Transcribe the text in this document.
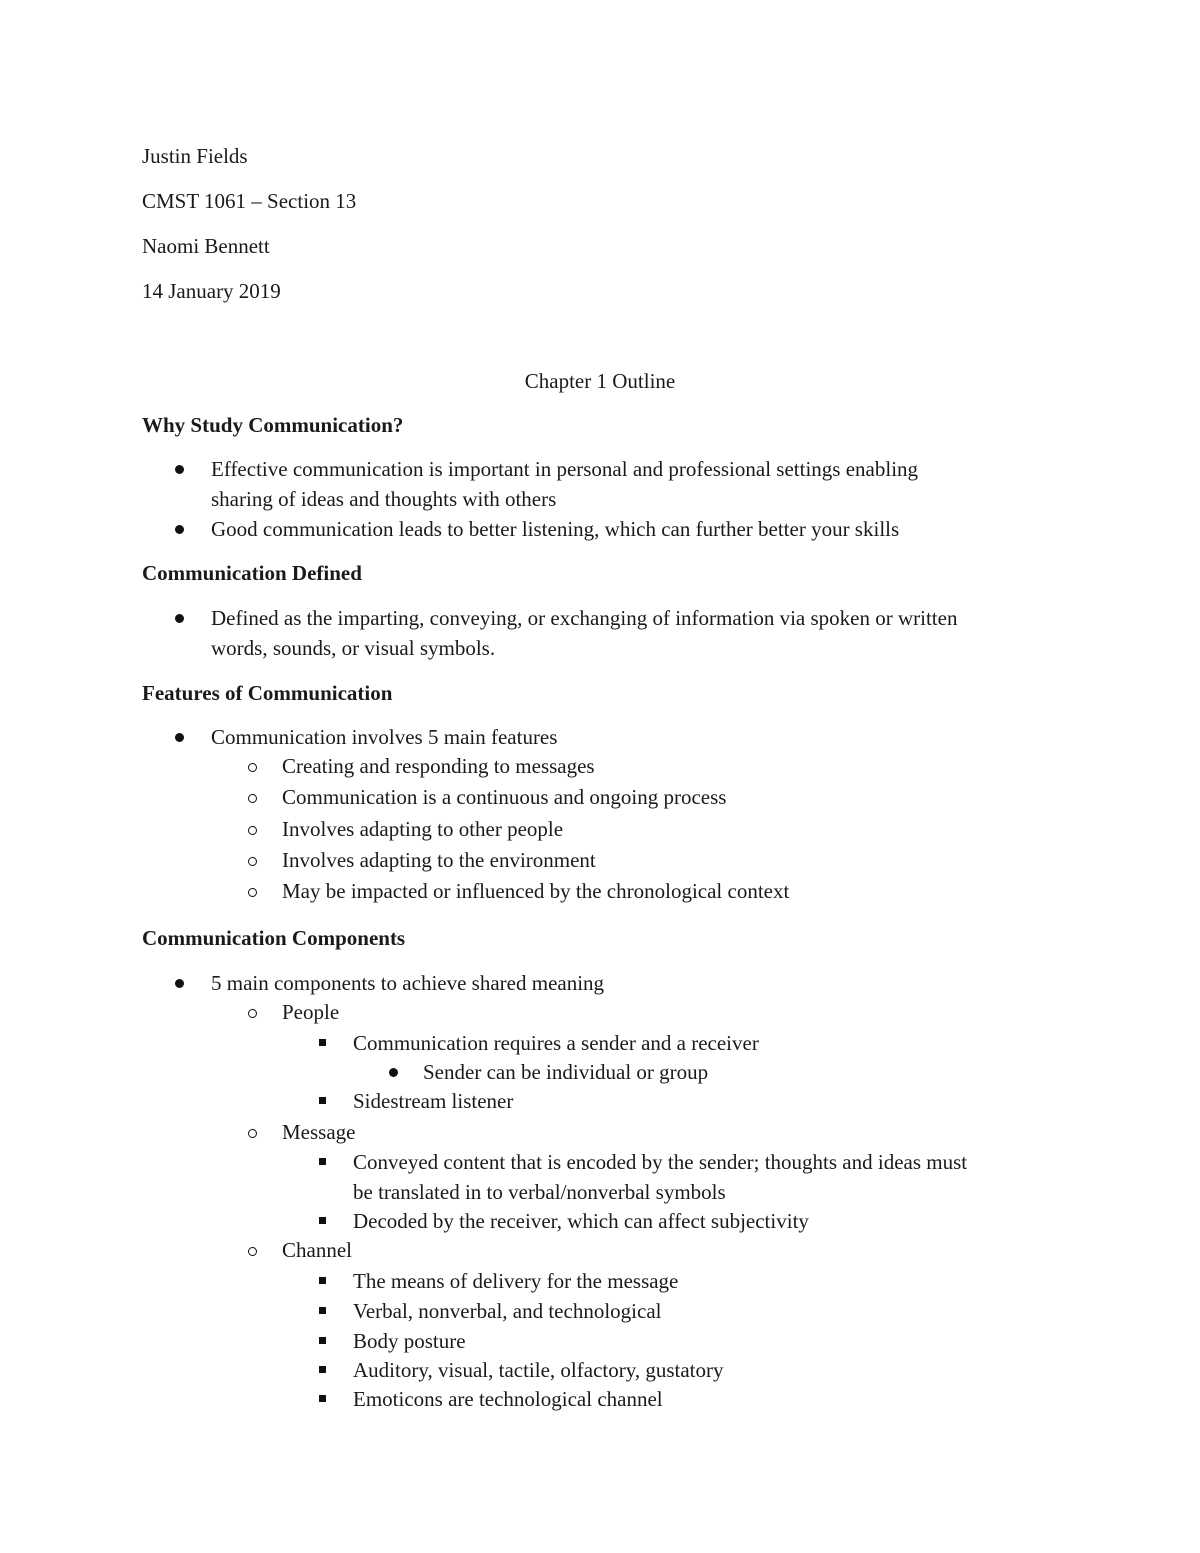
Justin Fields
CMST 1061 – Section 13
Naomi Bennett
14 January 2019
Chapter 1 Outline
Why Study Communication?
Effective communication is important in personal and professional settings enabling
sharing of ideas and thoughts with others
Good communication leads to better listening, which can further better your skills
Communication Defined
Defined as the imparting, conveying, or exchanging of information via spoken or written
words, sounds, or visual symbols.
Features of Communication
Communication involves 5 main features
Creating and responding to messages
Communication is a continuous and ongoing process
Involves adapting to other people
Involves adapting to the environment
May be impacted or influenced by the chronological context
Communication Components
5 main components to achieve shared meaning
People
Communication requires a sender and a receiver
Sender can be individual or group
Sidestream listener
Message
Conveyed content that is encoded by the sender; thoughts and ideas must
be translated in to verbal/nonverbal symbols
Decoded by the receiver, which can affect subjectivity
Channel
The means of delivery for the message
Verbal, nonverbal, and technological
Body posture
Auditory, visual, tactile, olfactory, gustatory
Emoticons are technological channel
